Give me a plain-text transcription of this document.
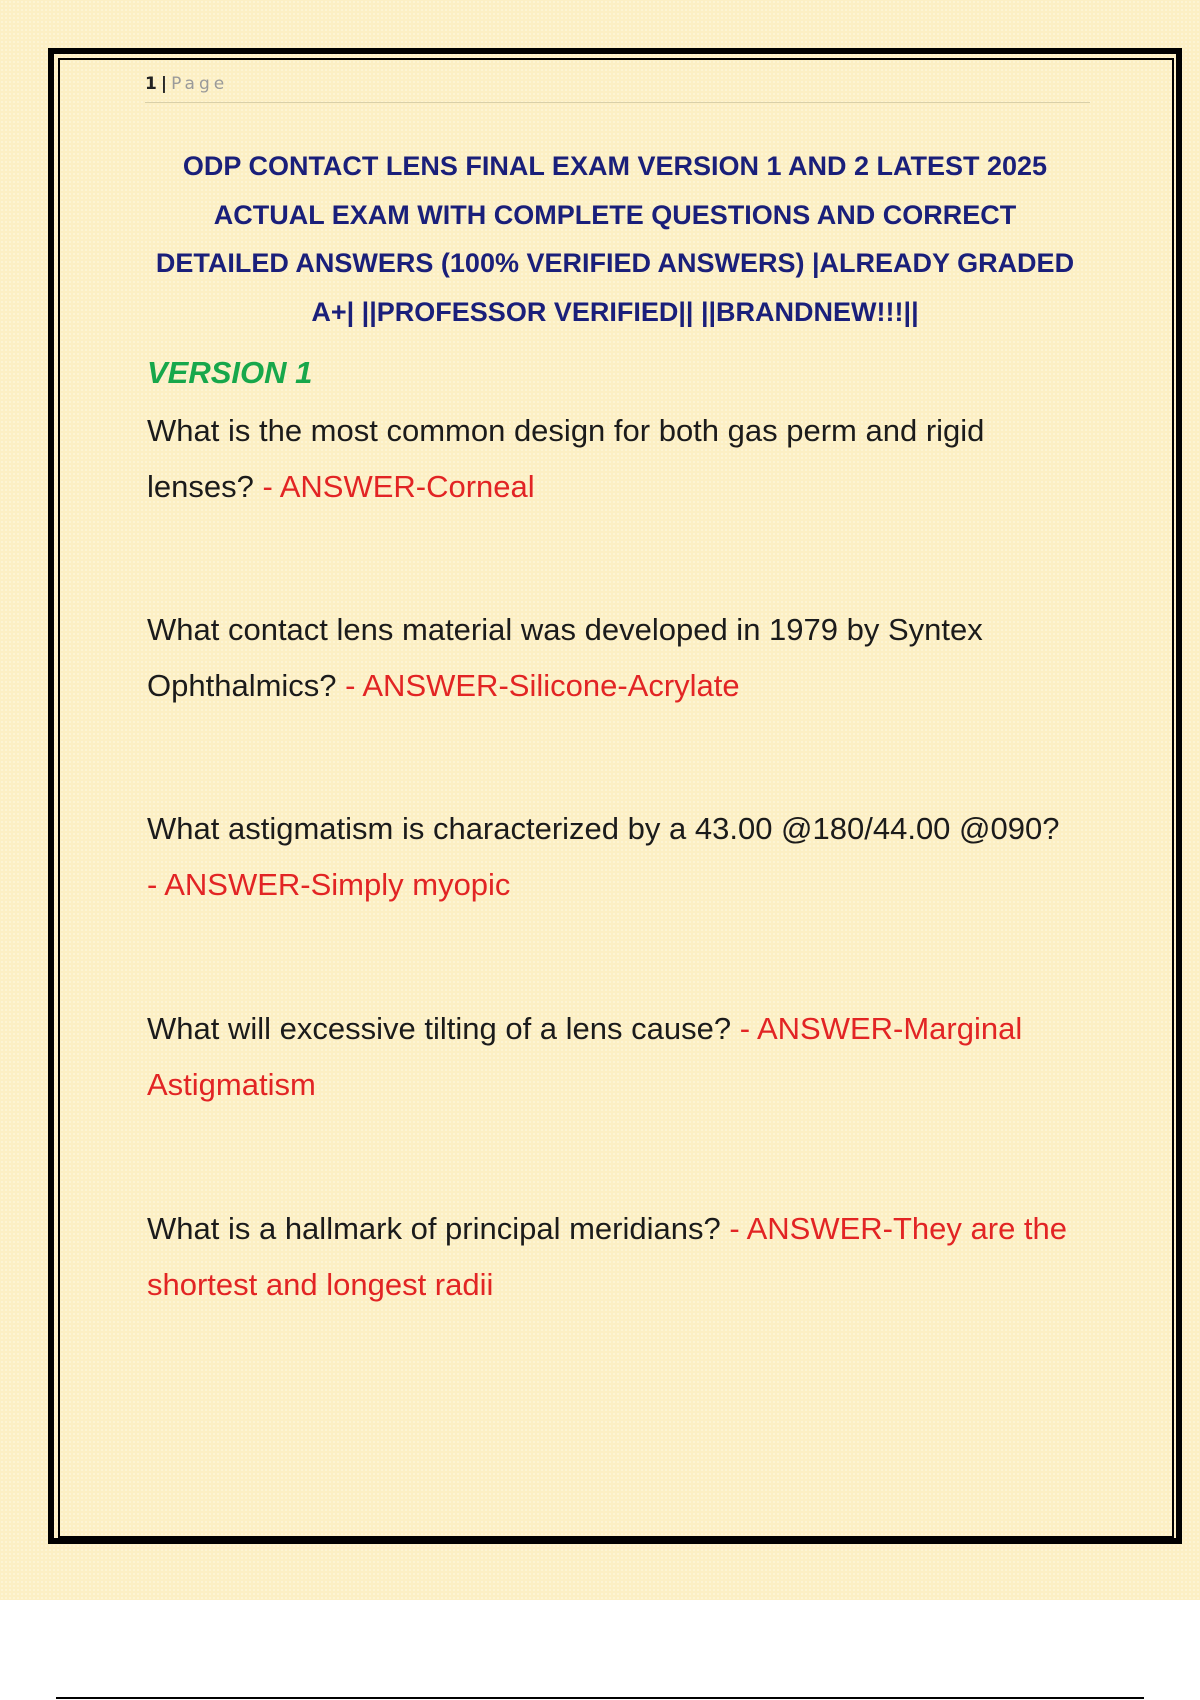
1 | Page
ODP CONTACT LENS FINAL EXAM VERSION 1 AND 2 LATEST 2025 ACTUAL EXAM WITH COMPLETE QUESTIONS AND CORRECT DETAILED ANSWERS (100% VERIFIED ANSWERS) |ALREADY GRADED A+| ||PROFESSOR VERIFIED|| ||BRANDNEW!!!||
VERSION 1
What is the most common design for both gas perm and rigid lenses? - ANSWER-Corneal
What contact lens material was developed in 1979 by Syntex Ophthalmics? - ANSWER-Silicone-Acrylate
What astigmatism is characterized by a 43.00 @180/44.00 @090? - ANSWER-Simply myopic
What will excessive tilting of a lens cause? - ANSWER-Marginal Astigmatism
What is a hallmark of principal meridians? - ANSWER-They are the shortest and longest radii
